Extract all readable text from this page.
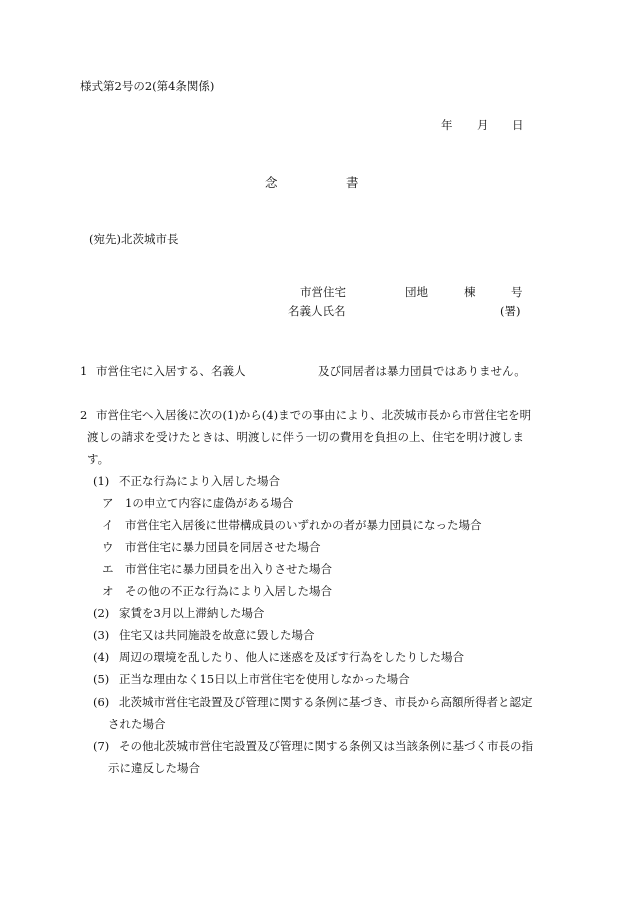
様式第2号の2(第4条関係)
年 月 日
念	書
(宛先)北茨城市長
市営住宅	団地	棟	号
名義人氏名	(署)
1 市営住宅に入居する、名義人	及び同居者は暴力団員ではありません。
2 市営住宅へ入居後に次の(1)から(4)までの事由により、北茨城市長から市営住宅を明
渡しの請求を受けたときは、明渡しに伴う一切の費用を負担の上、住宅を明け渡しま
す。
(1) 不正な行為により入居した場合
ア 1の申立て内容に虚偽がある場合
イ 市営住宅入居後に世帯構成員のいずれかの者が暴力団員になった場合
ウ 市営住宅に暴力団員を同居させた場合
エ 市営住宅に暴力団員を出入りさせた場合
オ その他の不正な行為により入居した場合
(2) 家賃を3月以上滞納した場合
(3) 住宅又は共同施設を故意に毀した場合
(4) 周辺の環境を乱したり、他人に迷惑を及ぼす行為をしたりした場合
(5) 正当な理由なく15日以上市営住宅を使用しなかった場合
(6) 北茨城市営住宅設置及び管理に関する条例に基づき、市長から高額所得者と認定
された場合
(7) その他北茨城市営住宅設置及び管理に関する条例又は当該条例に基づく市長の指
示に違反した場合
